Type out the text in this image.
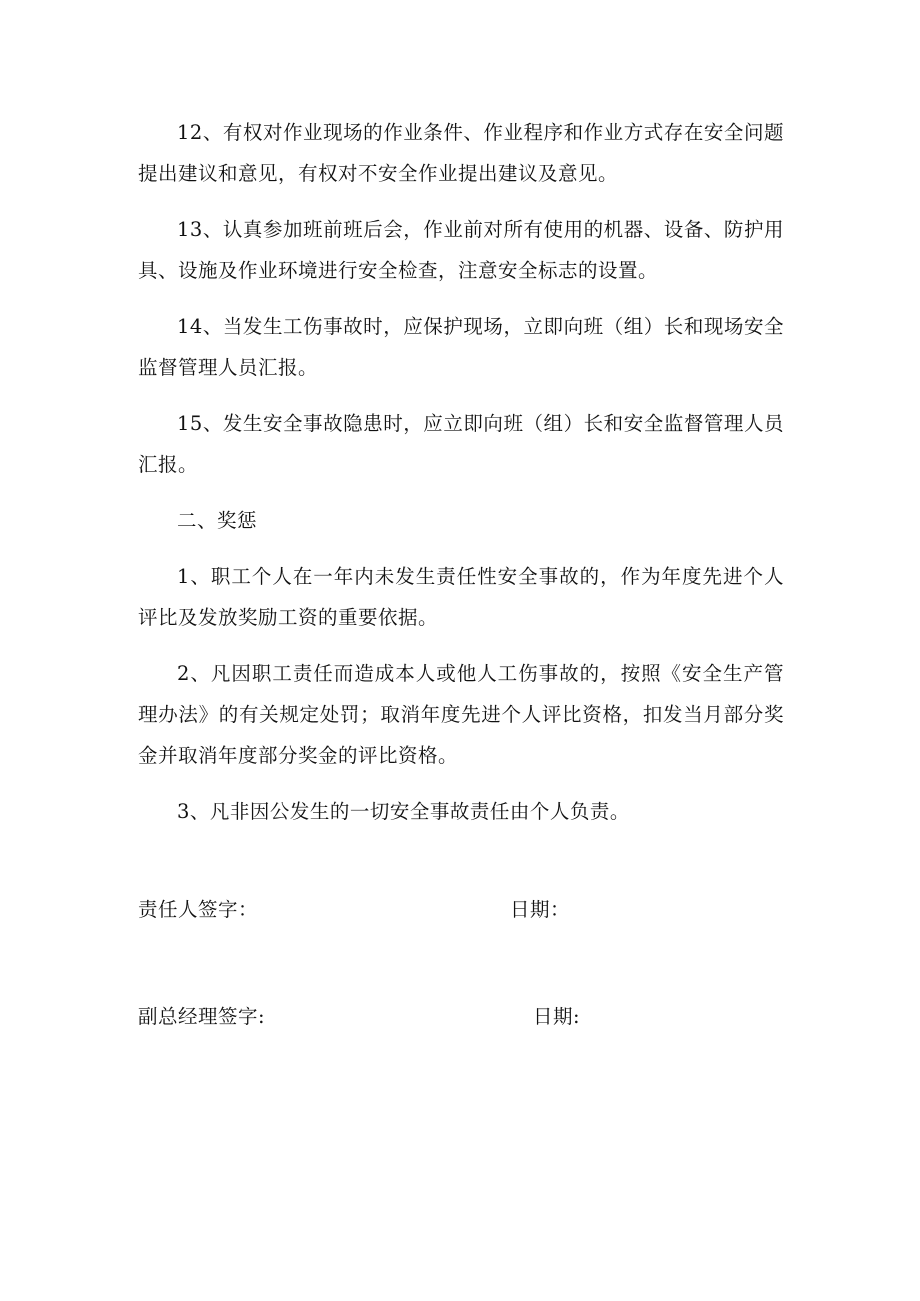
12、有权对作业现场的作业条件、作业程序和作业方式存在安全问题提出建议和意见，有权对不安全作业提出建议及意见。

13、认真参加班前班后会，作业前对所有使用的机器、设备、防护用具、设施及作业环境进行安全检查，注意安全标志的设置。

14、当发生工伤事故时，应保护现场，立即向班（组）长和现场安全监督管理人员汇报。

15、发生安全事故隐患时，应立即向班（组）长和安全监督管理人员汇报。

二、奖惩

1、职工个人在一年内未发生责任性安全事故的，作为年度先进个人评比及发放奖励工资的重要依据。

2、凡因职工责任而造成本人或他人工伤事故的，按照《安全生产管理办法》的有关规定处罚；取消年度先进个人评比资格，扣发当月部分奖金并取消年度部分奖金的评比资格。

3、凡非因公发生的一切安全事故责任由个人负责。

责任人签字：	日期：
副总经理签字:	日期:
